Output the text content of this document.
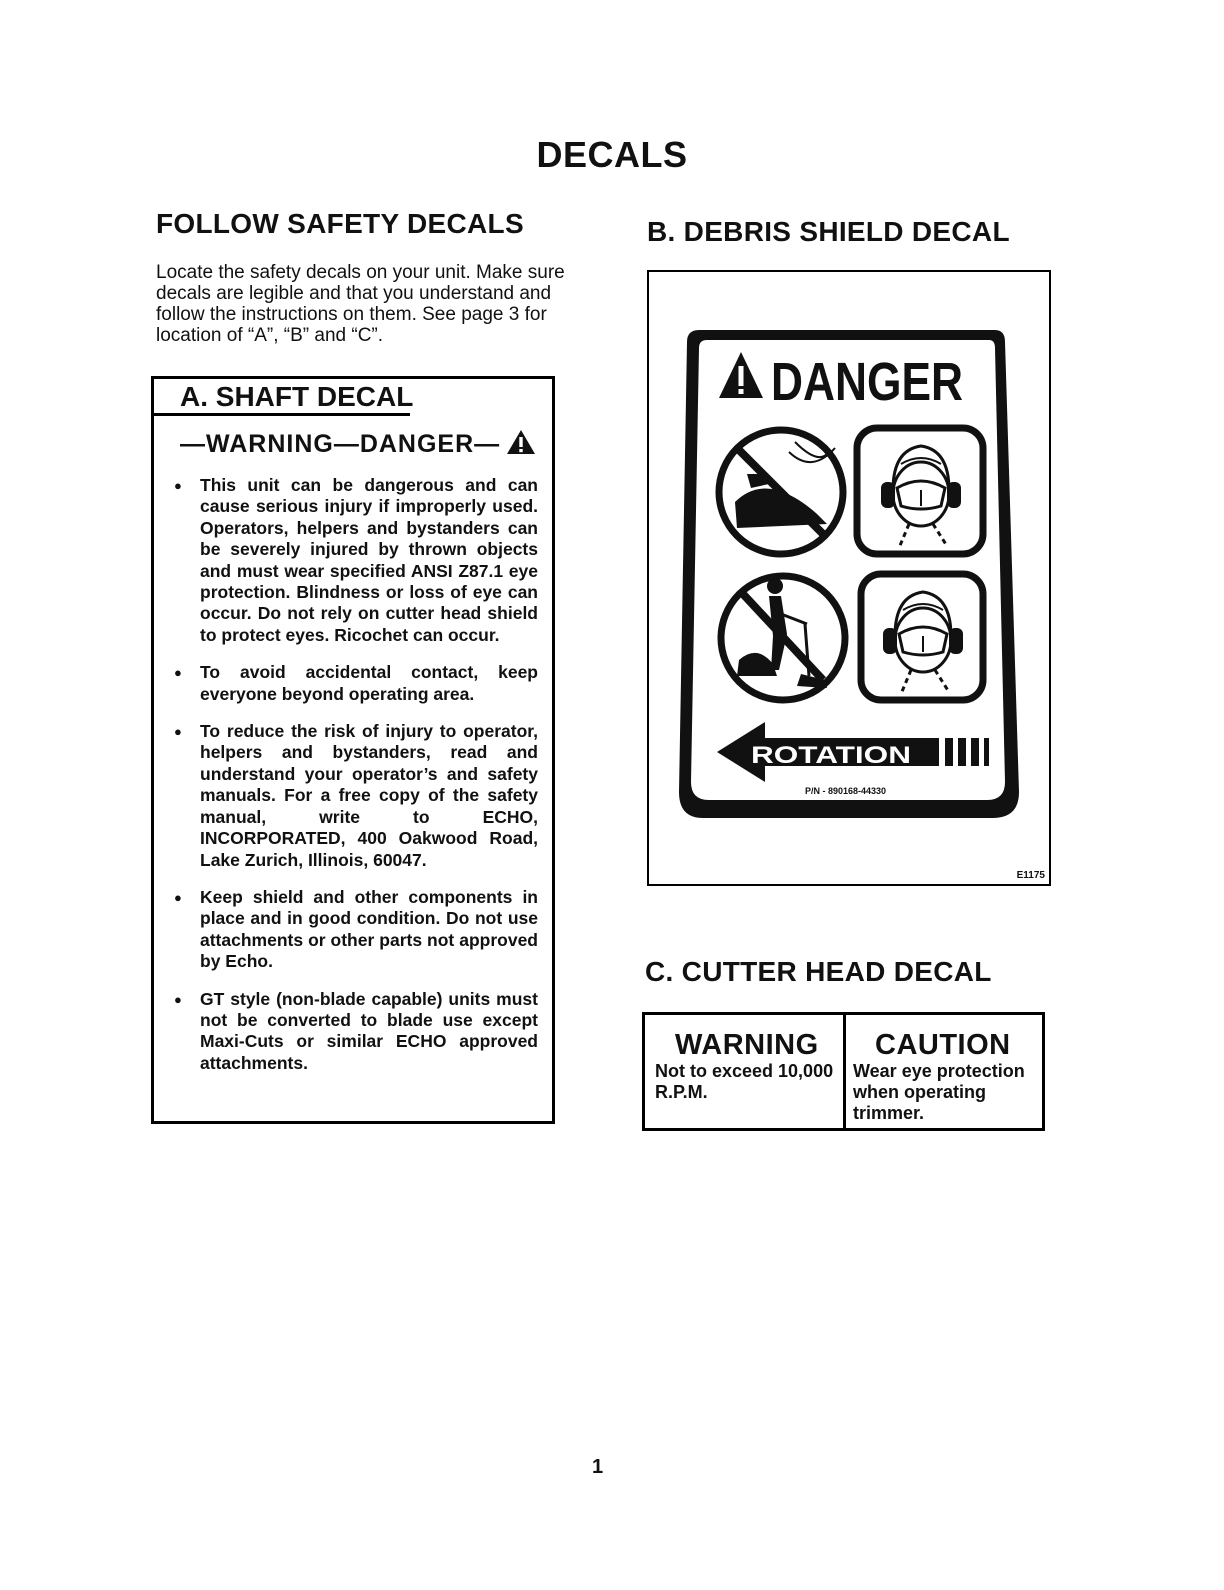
DECALS
FOLLOW SAFETY DECALS
Locate the safety decals on your unit. Make sure decals are legible and that you understand and follow the instructions on them. See page 3 for location of “A”, “B” and “C”.
A. SHAFT DECAL
—WARNING—DANGER—
● This unit can be dangerous and can cause serious injury if improperly used. Operators, helpers and bystanders can be severely injured by thrown objects and must wear specified ANSI Z87.1 eye protection. Blindness or loss of eye can occur. Do not rely on cutter head shield to protect eyes. Ricochet can occur.
● To avoid accidental contact, keep everyone beyond operating area.
● To reduce the risk of injury to operator, helpers and bystanders, read and understand your operator’s and safety manuals. For a free copy of the safety manual, write to ECHO, INCORPORATED, 400 Oakwood Road, Lake Zurich, Illinois, 60047.
● Keep shield and other components in place and in good condition. Do not use attachments or other parts not approved by Echo.
● GT style (non-blade capable) units must not be converted to blade use except Maxi-Cuts or similar ECHO approved attachments.
B. DEBRIS SHIELD DECAL
DANGER
ROTATION
P/N - 890168-44330
E1175
C. CUTTER HEAD DECAL
WARNING
Not to exceed 10,000 R.P.M.
CAUTION
Wear eye protection when operating trimmer.
1
